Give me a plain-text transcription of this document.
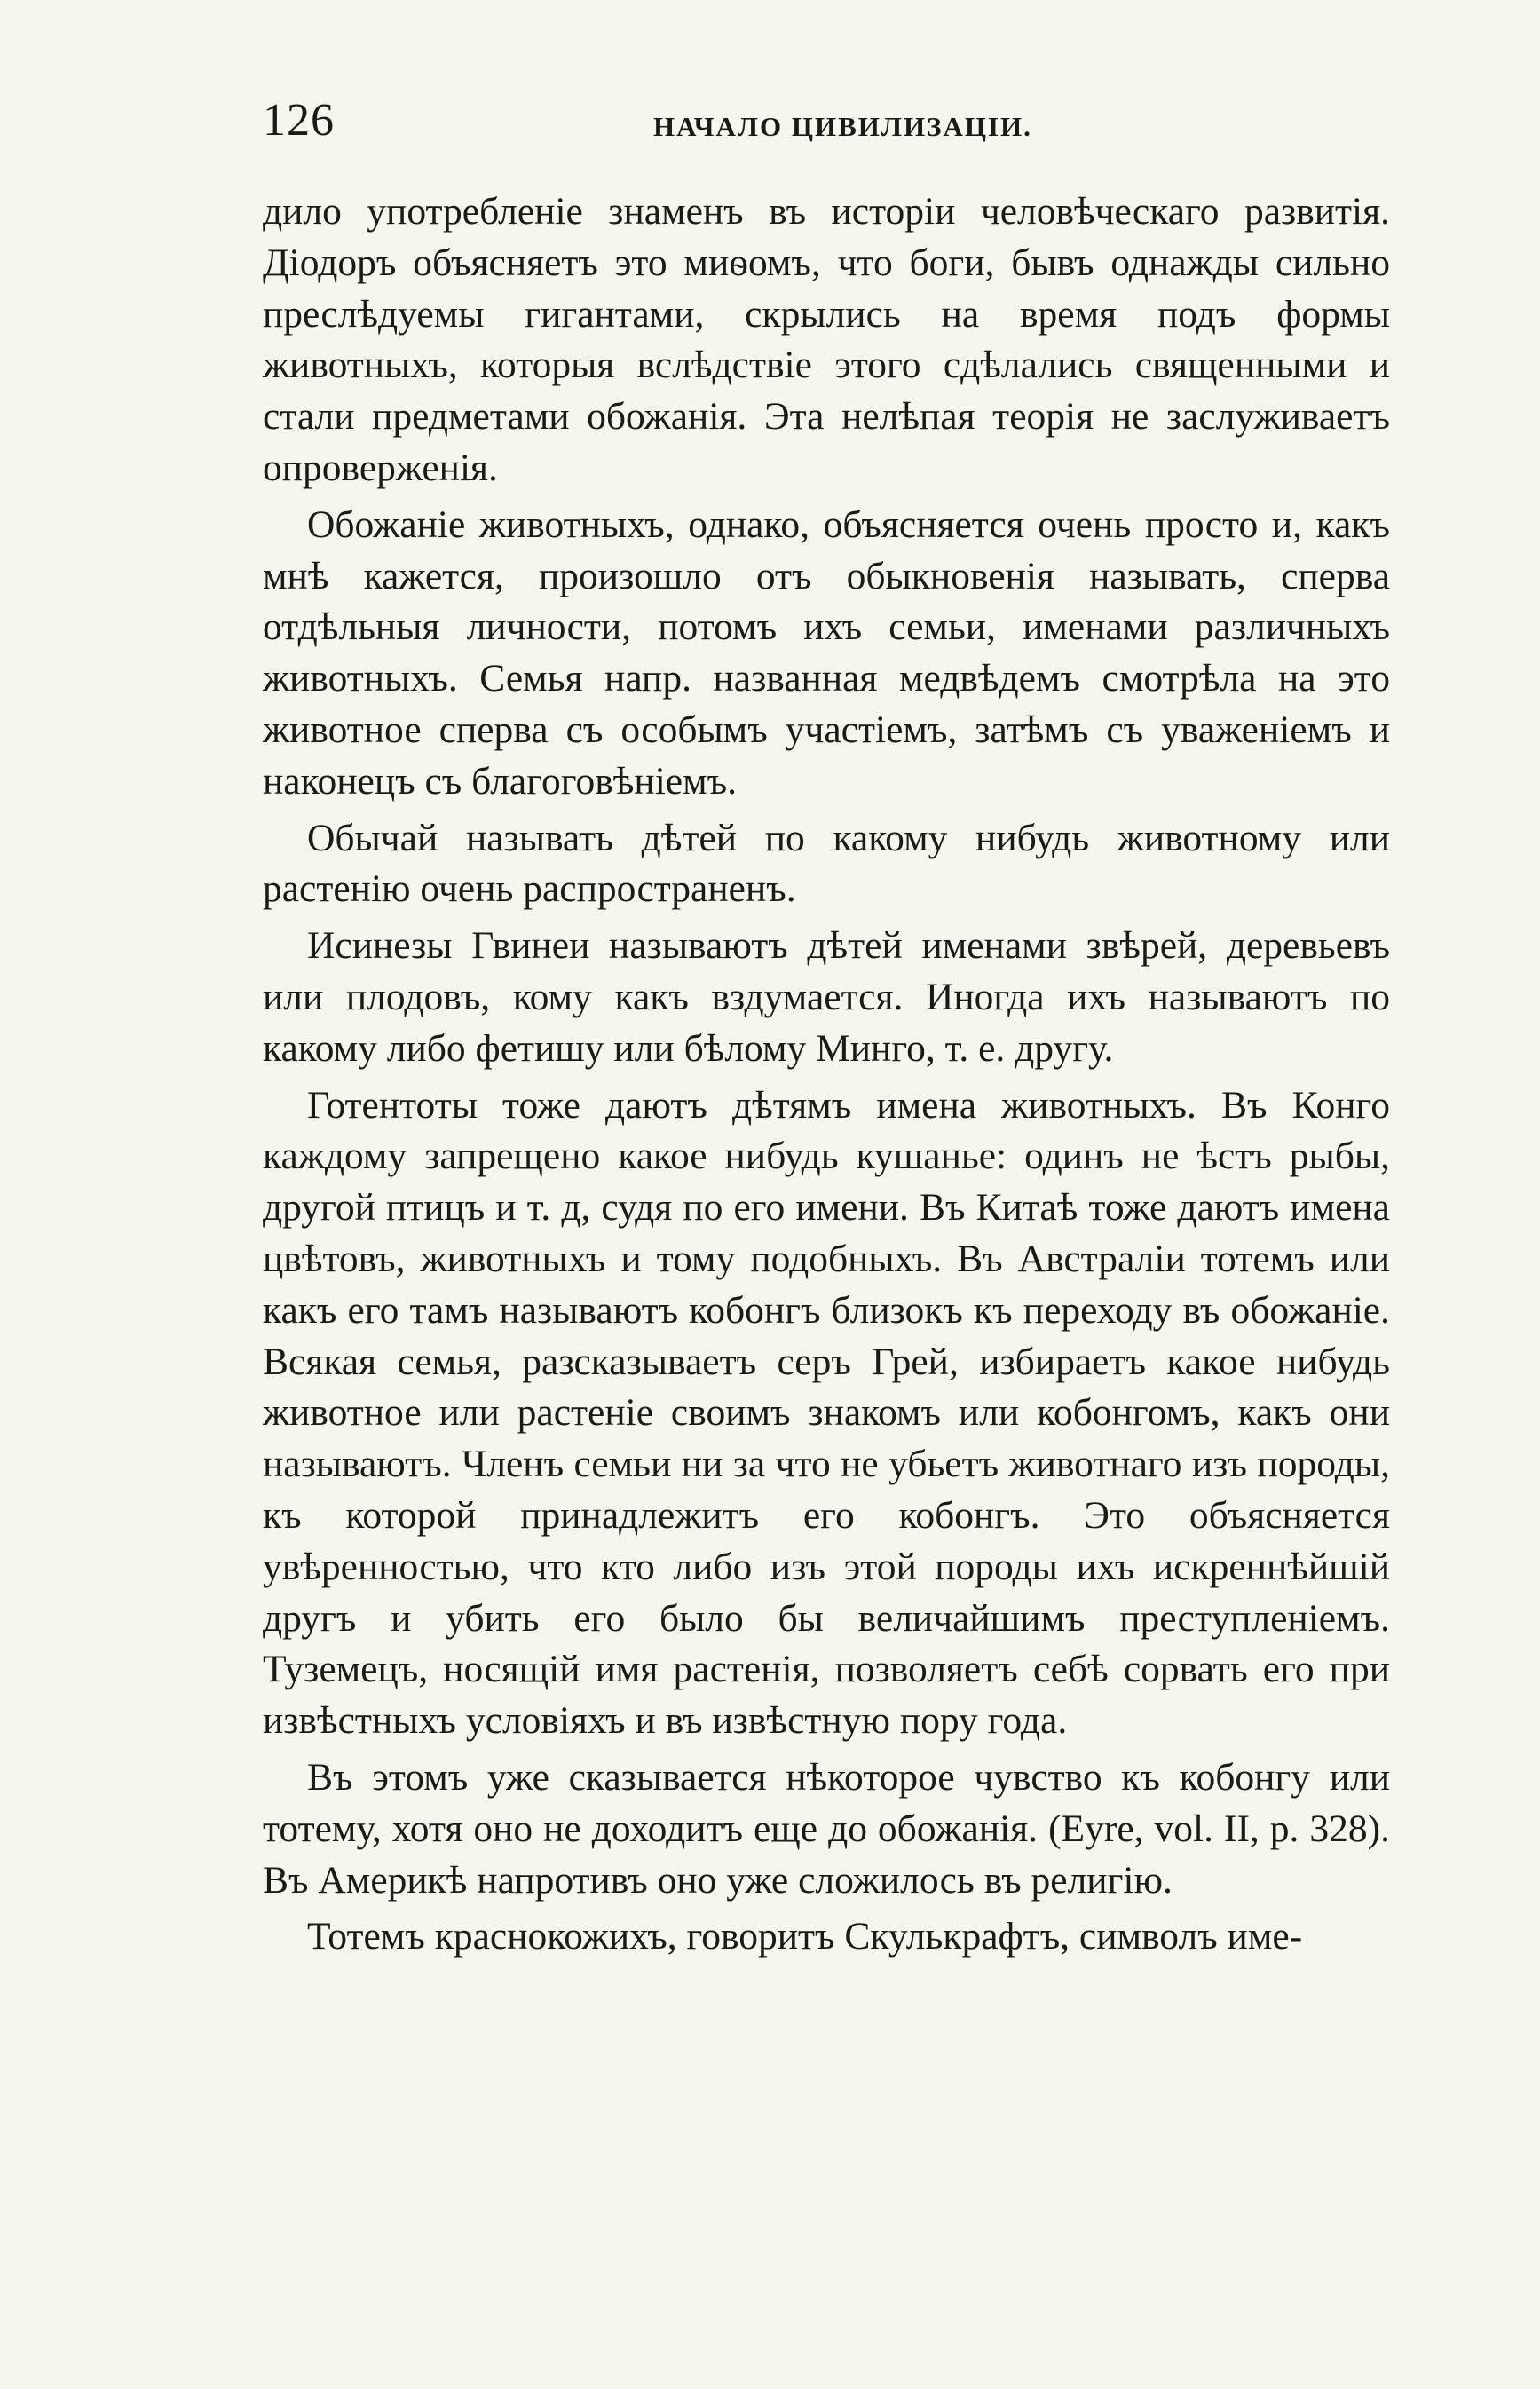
126	НАЧАЛО ЦИВИЛИЗАЦІИ.

дило употребленіе знаменъ въ исторіи человѣческаго развитія. Діодоръ объясняетъ это миѳомъ, что боги, бывъ однажды сильно преслѣдуемы гигантами, скрылись на время подъ формы животныхъ, которыя вслѣдствіе этого сдѣлались священными и стали предметами обожанія. Эта нелѣпая теорія не заслуживаетъ опроверженія.

Обожаніе животныхъ, однако, объясняется очень просто и, какъ мнѣ кажется, произошло отъ обыкновенія называть, сперва отдѣльныя личности, потомъ ихъ семьи, именами различныхъ животныхъ. Семья напр. названная медвѣдемъ смотрѣла на это животное сперва съ особымъ участіемъ, затѣмъ съ уваженіемъ и наконецъ съ благоговѣніемъ.

Обычай называть дѣтей по какому нибудь животному или растенію очень распространенъ.

Исинезы Гвинеи называютъ дѣтей именами звѣрей, деревьевъ или плодовъ, кому какъ вздумается. Иногда ихъ называютъ по какому либо фетишу или бѣлому Минго, т. е. другу.

Готентоты тоже даютъ дѣтямъ имена животныхъ. Въ Конго каждому запрещено какое нибудь кушанье: одинъ не ѣстъ рыбы, другой птицъ и т. д, судя по его имени. Въ Китаѣ тоже даютъ имена цвѣтовъ, животныхъ и тому подобныхъ. Въ Австраліи тотемъ или какъ его тамъ называютъ кобонгъ близокъ къ переходу въ обожаніе. Всякая семья, разсказываетъ серъ Грей, избираетъ какое нибудь животное или растеніе своимъ знакомъ или кобонгомъ, какъ они называютъ. Членъ семьи ни за что не убьетъ животнаго изъ породы, къ которой принадлежитъ его кобонгъ. Это объясняется увѣренностью, что кто либо изъ этой породы ихъ искреннѣйшій другъ и убить его было бы величайшимъ преступленіемъ. Туземецъ, носящій имя растенія, позволяетъ себѣ сорвать его при извѣстныхъ условіяхъ и въ извѣстную пору года.

Въ этомъ уже сказывается нѣкоторое чувство къ кобонгу или тотему, хотя оно не доходитъ еще до обожанія. (Eyre, vol. II, p. 328). Въ Америкѣ напротивъ оно уже сложилось въ религію.

Тотемъ краснокожихъ, говоритъ Скулькрафтъ, символъ име-
